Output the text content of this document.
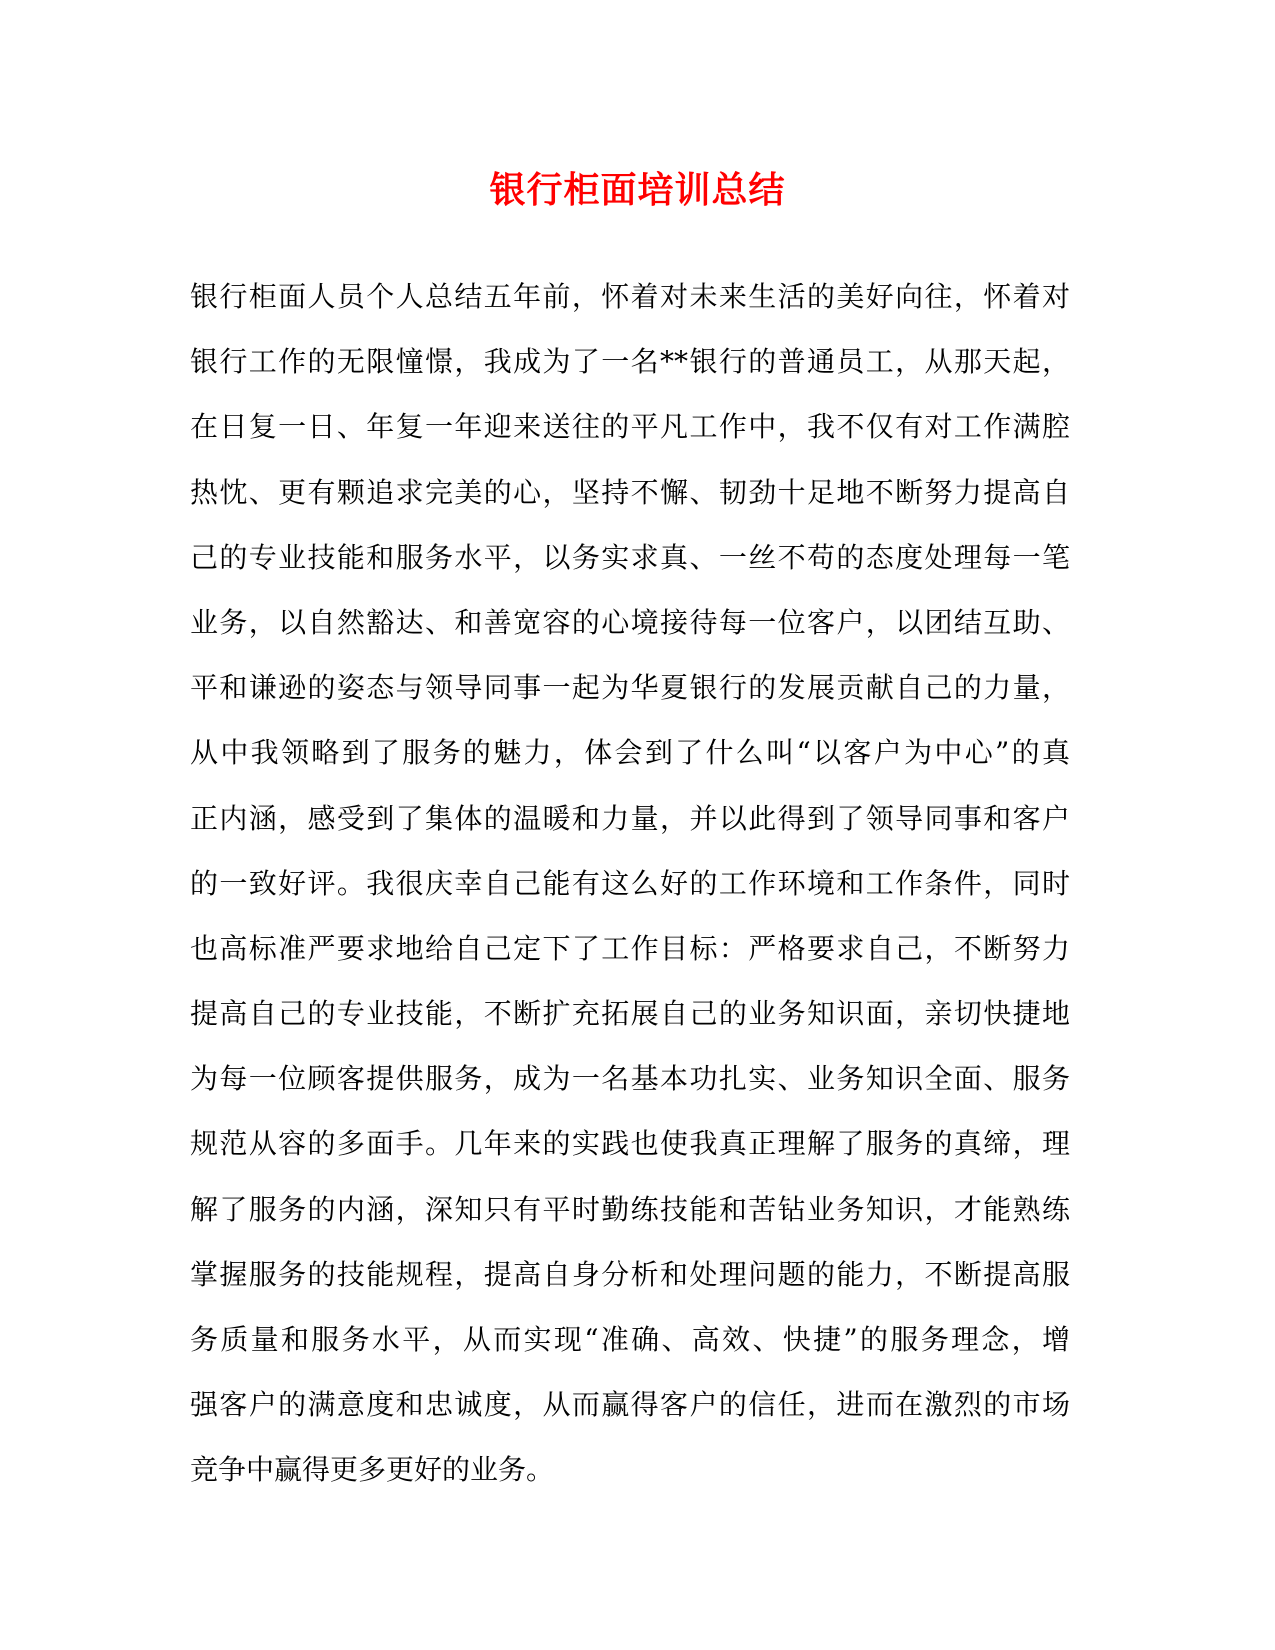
银行柜面培训总结
银行柜面人员个人总结五年前，怀着对未来生活的美好向往，怀着对
银行工作的无限憧憬，我成为了一名**银行的普通员工，从那天起，
在日复一日、年复一年迎来送往的平凡工作中，我不仅有对工作满腔
热忱、更有颗追求完美的心，坚持不懈、韧劲十足地不断努力提高自
己的专业技能和服务水平，以务实求真、一丝不苟的态度处理每一笔
业务，以自然豁达、和善宽容的心境接待每一位客户，以团结互助、
平和谦逊的姿态与领导同事一起为华夏银行的发展贡献自己的力量，
从中我领略到了服务的魅力，体会到了什么叫“以客户为中心”的真
正内涵，感受到了集体的温暖和力量，并以此得到了领导同事和客户
的一致好评。我很庆幸自己能有这么好的工作环境和工作条件，同时
也高标准严要求地给自己定下了工作目标：严格要求自己，不断努力
提高自己的专业技能，不断扩充拓展自己的业务知识面，亲切快捷地
为每一位顾客提供服务，成为一名基本功扎实、业务知识全面、服务
规范从容的多面手。几年来的实践也使我真正理解了服务的真缔，理
解了服务的内涵，深知只有平时勤练技能和苦钻业务知识，才能熟练
掌握服务的技能规程，提高自身分析和处理问题的能力，不断提高服
务质量和服务水平，从而实现“准确、高效、快捷”的服务理念，增
强客户的满意度和忠诚度，从而赢得客户的信任，进而在激烈的市场
竞争中赢得更多更好的业务。
